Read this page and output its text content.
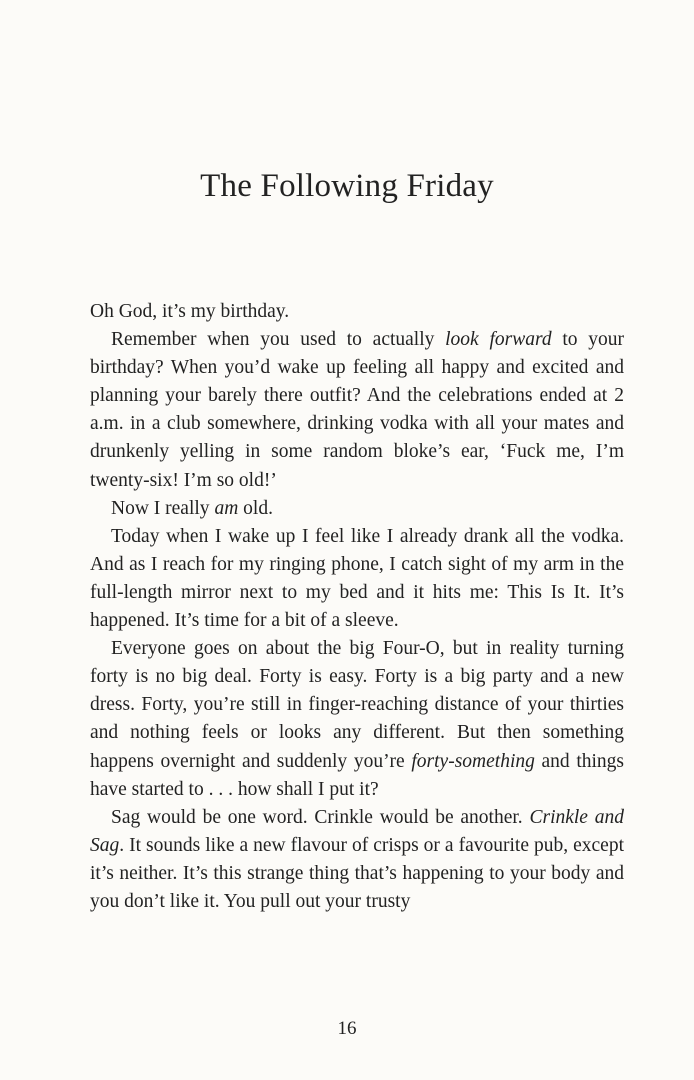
The Following Friday

Oh God, it’s my birthday.

Remember when you used to actually look forward to your birthday? When you’d wake up feeling all happy and excited and planning your barely there outfit? And the celebrations ended at 2 a.m. in a club somewhere, drinking vodka with all your mates and drunkenly yelling in some random bloke’s ear, ‘Fuck me, I’m twenty-six! I’m so old!’

Now I really am old.

Today when I wake up I feel like I already drank all the vodka. And as I reach for my ringing phone, I catch sight of my arm in the full-length mirror next to my bed and it hits me: This Is It. It’s happened. It’s time for a bit of a sleeve.

Everyone goes on about the big Four-O, but in reality turning forty is no big deal. Forty is easy. Forty is a big party and a new dress. Forty, you’re still in finger-reaching distance of your thirties and nothing feels or looks any different. But then something happens overnight and suddenly you’re forty-something and things have started to . . . how shall I put it?

Sag would be one word. Crinkle would be another. Crinkle and Sag. It sounds like a new flavour of crisps or a favourite pub, except it’s neither. It’s this strange thing that’s happening to your body and you don’t like it. You pull out your trusty

16
